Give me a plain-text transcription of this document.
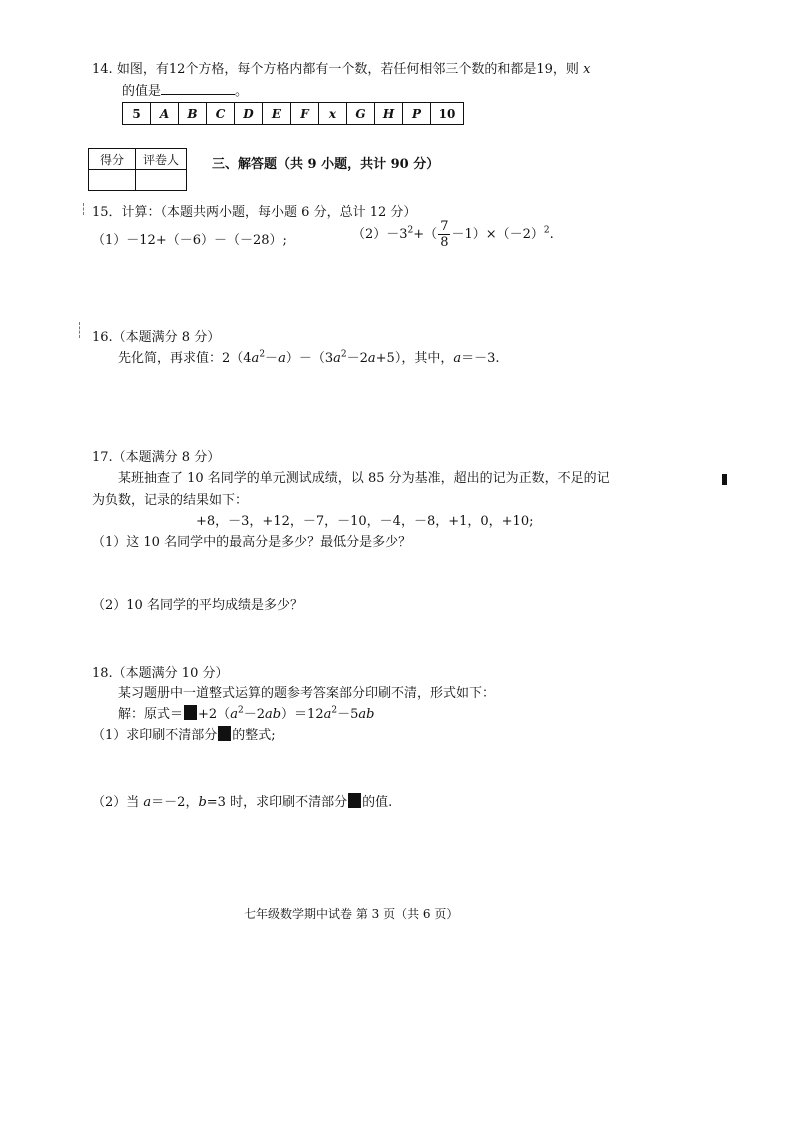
14. 如图，有12个方格，每个方格内都有一个数，若任何相邻三个数的和都是19，则 x
的值是	。
5	A	B	C	D	E	F	x	G	H	P	10
得分	评卷人
		三、解答题（共 9 小题，共计 90 分）
15．计算：（本题共两小题，每小题 6 分，总计 12 分）
（1）－12+（－6）－（－28）;	$(2)-3^2+( \frac{7}{8} -1)\times(-2)^2$.
16.（本题满分 8 分）
先化简，再求值：$2(4a^2-a)-(3a^2-2a+5)$，其中，a＝－3.
17.（本题满分 8 分）
某班抽查了 10 名同学的单元测试成绩，以 85 分为基准，超出的记为正数，不足的记
为负数，记录的结果如下：
+8，－3，+12，－7，－10，－4，－8，+1，0，+10;
（1）这 10 名同学中的最高分是多少？最低分是多少？
（2）10 名同学的平均成绩是多少？
18.（本题满分 10 分）
某习题册中一道整式运算的题参考答案部分印刷不清，形式如下：
解：原式＝ $+2(a^2-2ab)=12a^2-5ab$
（1）求印刷不清部分 的整式;
（2）当 a＝－2，b=3 时，求印刷不清部分 的值.
七年级数学期中试卷 第 3 页（共 6 页）
